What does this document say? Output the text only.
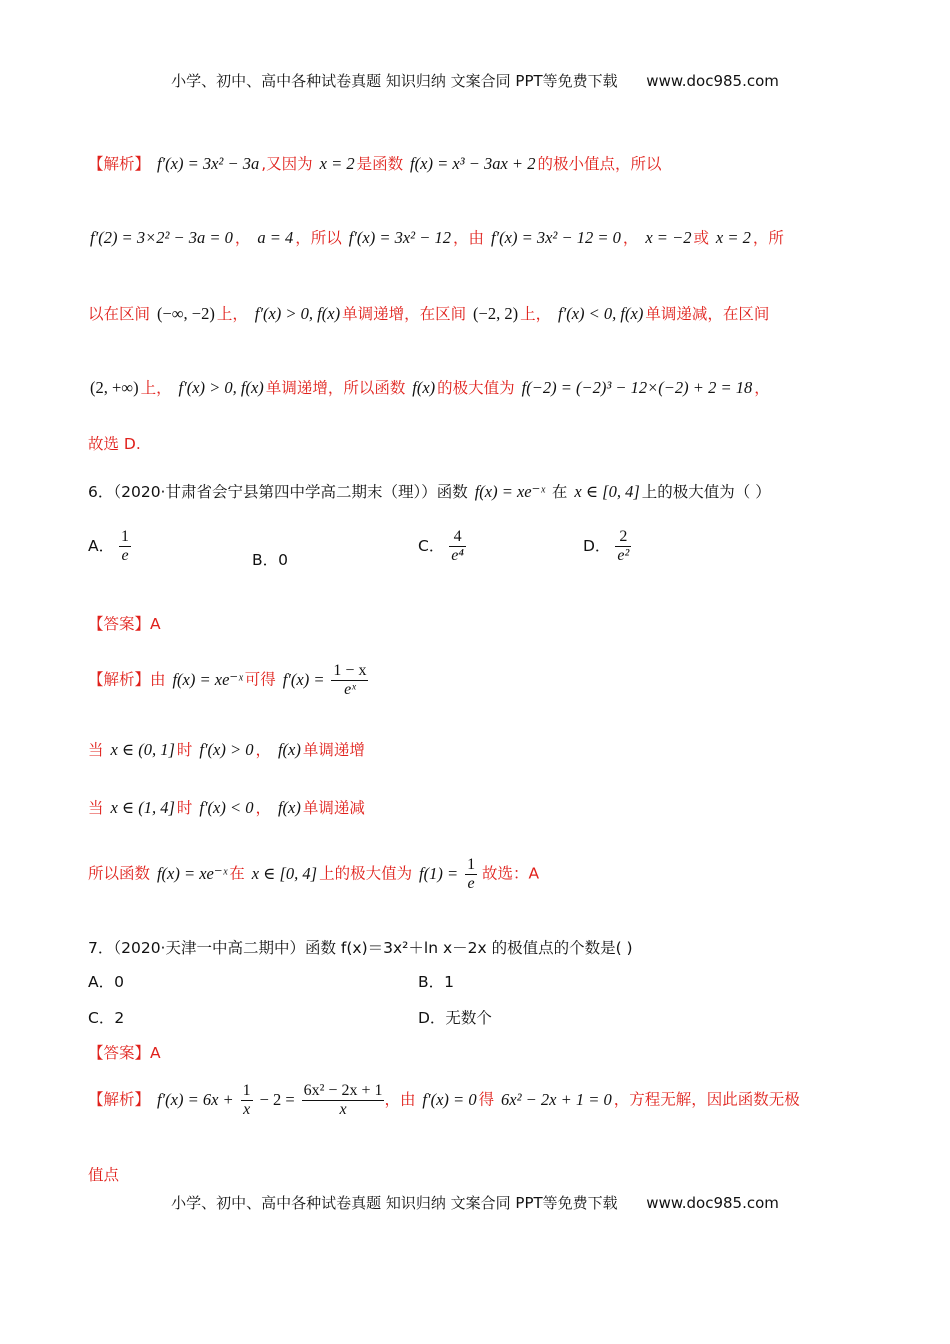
小学、初中、高中各种试卷真题 知识归纳 文案合同 PPT等免费下载 www.doc985.com
【解析】 f′(x) = 3x² − 3a ,又因为 x = 2 是函数 f(x) = x³ − 3ax + 2 的极小值点，所以
f′(2) = 3×2² − 3a = 0 ， a = 4 ，所以 f′(x) = 3x² − 12 ，由 f′(x) = 3x² − 12 = 0 ， x = −2 或 x = 2 ，所
以在区间 (−∞, −2) 上， f′(x) > 0, f(x) 单调递增，在区间 (−2, 2) 上， f′(x) < 0, f(x) 单调递减，在区间
(2, +∞) 上， f′(x) > 0, f(x) 单调递增，所以函数 f(x) 的极大值为 f(−2) = (−2)³ − 12×(−2) + 2 = 18 ，
故选 D.
6．（2020·甘肃省会宁县第四中学高二期末（理））函数 f(x) = xe⁻ˣ 在 x ∈ [0, 4] 上的极大值为（ ）
A． $\frac{1}{e}$	B．0
C． $\frac{4}{\text{e⁴}}$	D． $\frac{2}{\text{e²}}$
【答案】A
【解析】由 f(x) = xe⁻ˣ 可得 $f'(x) = \frac{1 - x}{\text{eˣ}}$
当 x ∈ (0, 1] 时 f′(x) > 0 ， f(x) 单调递增
当 x ∈ (1, 4] 时 f′(x) < 0 ， f(x) 单调递减
所以函数 f(x) = xe⁻ˣ 在 x ∈ [0, 4] 上的极大值为 $f(1) = \frac{1}{e}$ 故选：A
7．（2020·天津一中高二期中）函数 f(x)＝3x²＋ln x－2x 的极值点的个数是( )
A．0	B．1
C．2	D．无数个
【答案】A
【解析】 $f'(x) = 6x + \frac{1}{x} - 2 = \frac{\text{6x² − 2x + 1}}{x}$ ，由 f′(x) = 0 得 6x² − 2x + 1 = 0 ，方程无解，因此函数无极
值点
小学、初中、高中各种试卷真题 知识归纳 文案合同 PPT等免费下载 www.doc985.com
